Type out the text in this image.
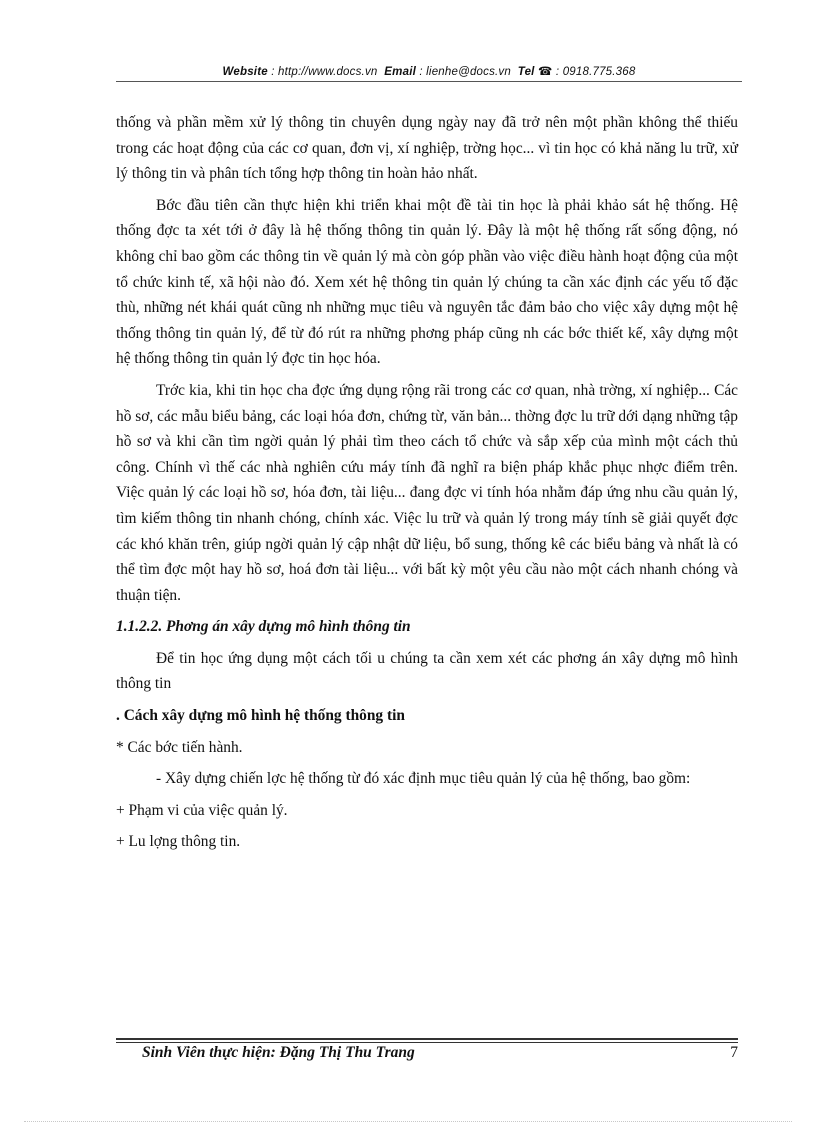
Website : http://www.docs.vn Email : lienhe@docs.vn Tel ☎ : 0918.775.368

thống và phần mềm xử lý thông tin chuyên dụng ngày nay đã trở nên một phần không thể thiếu trong các hoạt động của các cơ quan, đơn vị, xí nghiệp, trờng học... vì tin học có khả năng lu trữ, xử lý thông tin và phân tích tổng hợp thông tin hoàn hảo nhất.

Bớc đầu tiên cần thực hiện khi triển khai một đề tài tin học là phải khảo sát hệ thống. Hệ thống đợc ta xét tới ở đây là hệ thống thông tin quản lý. Đây là một hệ thống rất sống động, nó không chỉ bao gồm các thông tin về quản lý mà còn góp phần vào việc điều hành hoạt động của một tổ chức kinh tế, xã hội nào đó. Xem xét hệ thông tin quản lý chúng ta cần xác định các yếu tố đặc thù, những nét khái quát cũng nh những mục tiêu và nguyên tắc đảm bảo cho việc xây dựng một hệ thống thông tin quản lý, để từ đó rút ra những phơng pháp cũng nh các bớc thiết kế, xây dựng một hệ thống thông tin quản lý đợc tin học hóa.

Trớc kia, khi tin học cha đợc ứng dụng rộng rãi trong các cơ quan, nhà trờng, xí nghiệp... Các hồ sơ, các mẫu biểu bảng, các loại hóa đơn, chứng từ, văn bản... thờng đợc lu trữ dới dạng những tập hồ sơ và khi cần tìm ngời quản lý phải tìm theo cách tổ chức và sắp xếp của mình một cách thủ công. Chính vì thế các nhà nghiên cứu máy tính đã nghĩ ra biện pháp khắc phục nhợc điểm trên. Việc quản lý các loại hồ sơ, hóa đơn, tài liệu... đang đợc vi tính hóa nhằm đáp ứng nhu cầu quản lý, tìm kiếm thông tin nhanh chóng, chính xác. Việc lu trữ và quản lý trong máy tính sẽ giải quyết đợc các khó khăn trên, giúp ngời quản lý cập nhật dữ liệu, bổ sung, thống kê các biểu bảng và nhất là có thể tìm đợc một hay hồ sơ, hoá đơn tài liệu... với bất kỳ một yêu cầu nào một cách nhanh chóng và thuận tiện.

1.1.2.2. Phơng án xây dựng mô hình thông tin

Để tin học ứng dụng một cách tối u chúng ta cần xem xét các phơng án xây dựng mô hình thông tin

. Cách xây dựng mô hình hệ thống thông tin

* Các bớc tiến hành.

- Xây dựng chiến lợc hệ thống từ đó xác định mục tiêu quản lý của hệ thống, bao gồm:

+ Phạm vi của việc quản lý.

+ Lu lợng thông tin.

Sinh Viên thực hiện: Đặng Thị Thu Trang	7
